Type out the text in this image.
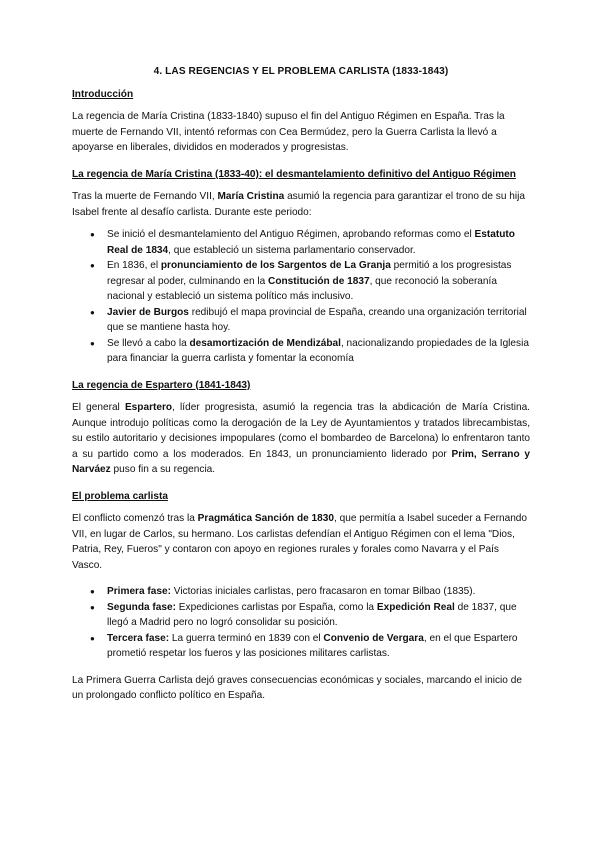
4. LAS REGENCIAS Y EL PROBLEMA CARLISTA (1833-1843)

Introducción

La regencia de María Cristina (1833-1840) supuso el fin del Antiguo Régimen en España. Tras la muerte de Fernando VII, intentó reformas con Cea Bermúdez, pero la Guerra Carlista la llevó a apoyarse en liberales, divididos en moderados y progresistas.

La regencia de María Cristina (1833-40): el desmantelamiento definitivo del Antiguo Régimen

Tras la muerte de Fernando VII, María Cristina asumió la regencia para garantizar el trono de su hija Isabel frente al desafío carlista. Durante este periodo:

● Se inició el desmantelamiento del Antiguo Régimen, aprobando reformas como el Estatuto Real de 1834, que estableció un sistema parlamentario conservador.
● En 1836, el pronunciamiento de los Sargentos de La Granja permitió a los progresistas regresar al poder, culminando en la Constitución de 1837, que reconoció la soberanía nacional y estableció un sistema político más inclusivo.
● Javier de Burgos redibujó el mapa provincial de España, creando una organización territorial que se mantiene hasta hoy.
● Se llevó a cabo la desamortización de Mendizábal, nacionalizando propiedades de la Iglesia para financiar la guerra carlista y fomentar la economía

La regencia de Espartero (1841-1843)

El general Espartero, líder progresista, asumió la regencia tras la abdicación de María Cristina. Aunque introdujo políticas como la derogación de la Ley de Ayuntamientos y tratados librecambistas, su estilo autoritario y decisiones impopulares (como el bombardeo de Barcelona) lo enfrentaron tanto a su partido como a los moderados. En 1843, un pronunciamiento liderado por Prim, Serrano y Narváez puso fin a su regencia.

El problema carlista

El conflicto comenzó tras la Pragmática Sanción de 1830, que permitía a Isabel suceder a Fernando VII, en lugar de Carlos, su hermano. Los carlistas defendían el Antiguo Régimen con el lema "Dios, Patria, Rey, Fueros" y contaron con apoyo en regiones rurales y forales como Navarra y el País Vasco.

● Primera fase: Victorias iniciales carlistas, pero fracasaron en tomar Bilbao (1835).
● Segunda fase: Expediciones carlistas por España, como la Expedición Real de 1837, que llegó a Madrid pero no logró consolidar su posición.
● Tercera fase: La guerra terminó en 1839 con el Convenio de Vergara, en el que Espartero prometió respetar los fueros y las posiciones militares carlistas.

La Primera Guerra Carlista dejó graves consecuencias económicas y sociales, marcando el inicio de un prolongado conflicto político en España.
